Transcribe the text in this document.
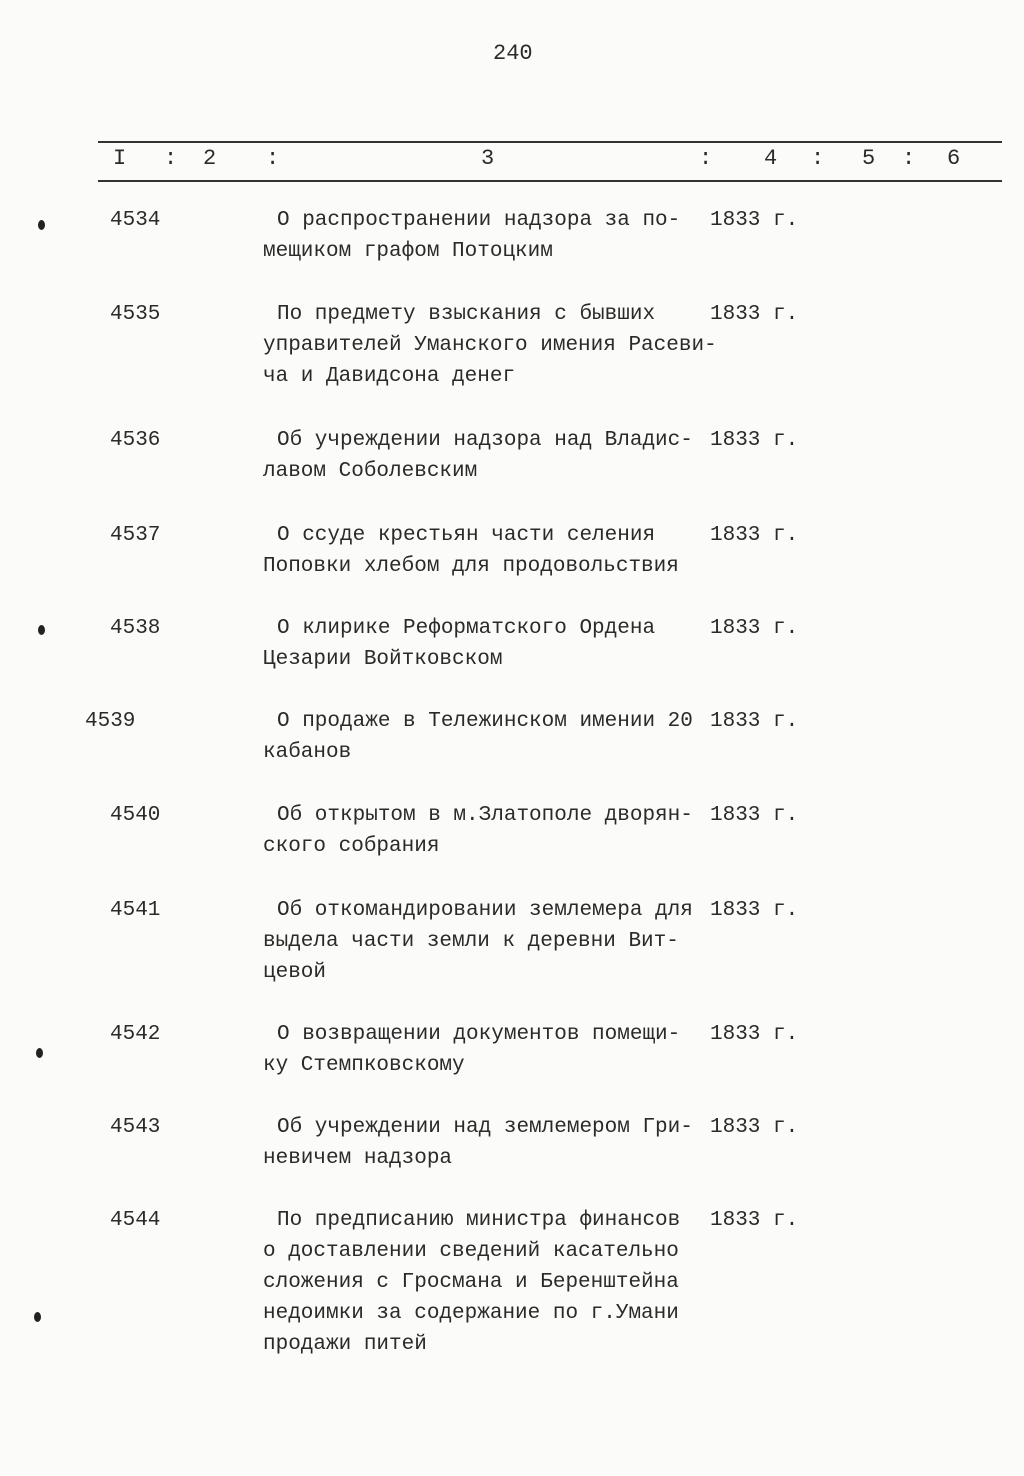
240
I : 2 :	3	: 4 : 5 : 6
4534	О распространении надзора за по-
мещиком графом Потоцким
1833 г.
4535	По предмету взыскания с бывших
управителей Уманского имения Расеви-
ча и Давидсона денег
1833 г.
4536	Об учреждении надзора над Владис-
лавом Соболевским
1833 г.
4537	О ссуде крестьян части селения
Поповки хлебом для продовольствия
1833 г.
4538	О клирике Реформатского Ордена
Цезарии Войтковском
1833 г.
4539	О продаже в Тележинском имении 20
кабанов
1833 г.
4540	Об открытом в м.Златополе дворян-
ского собрания
1833 г.
4541	Об откомандировании землемера для
выдела части земли к деревни Вит-
цевой
1833 г.
4542	О возвращении документов помещи-
ку Стемпковскому
1833 г.
4543	Об учреждении над землемером Гри-
невичем надзора
1833 г.
4544	По предписанию министра финансов
о доставлении сведений касательно
сложения с Гросмана и Беренштейна
недоимки за содержание по г.Умани
продажи питей
1833 г.
